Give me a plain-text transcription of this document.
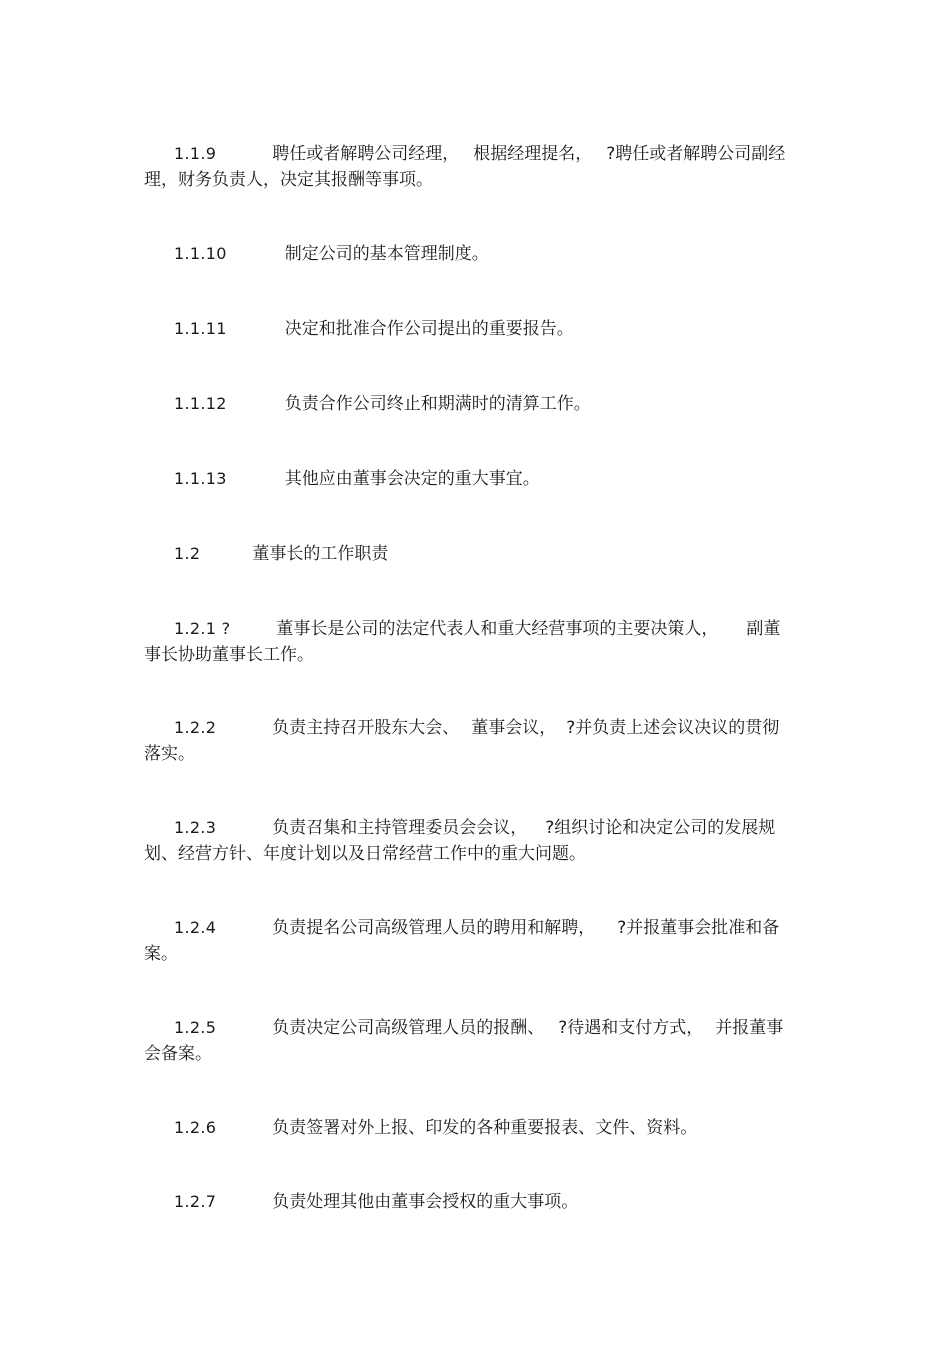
1.1.9	聘任或者解聘公司经理， 根据经理提名， ?聘任或者解聘公司副经
理，财务负责人，决定其报酬等事项。
1.1.10	制定公司的基本管理制度。
1.1.11	决定和批准合作公司提出的重要报告。
1.1.12	负责合作公司终止和期满时的清算工作。
1.1.13	其他应由董事会决定的重大事宜。
1.2	董事长的工作职责
1.2.1 ?	董事长是公司的法定代表人和重大经营事项的主要决策人， 副董
事长协助董事长工作。
1.2.2	负责主持召开股东大会、 董事会议， ?并负责上述会议决议的贯彻
落实。
1.2.3	负责召集和主持管理委员会会议， ?组织讨论和决定公司的发展规
划、经营方针、年度计划以及日常经营工作中的重大问题。
1.2.4	负责提名公司高级管理人员的聘用和解聘， ?并报董事会批准和备
案。
1.2.5	负责决定公司高级管理人员的报酬、 ?待遇和支付方式， 并报董事
会备案。
1.2.6	负责签署对外上报、印发的各种重要报表、文件、资料。
1.2.7	负责处理其他由董事会授权的重大事项。
